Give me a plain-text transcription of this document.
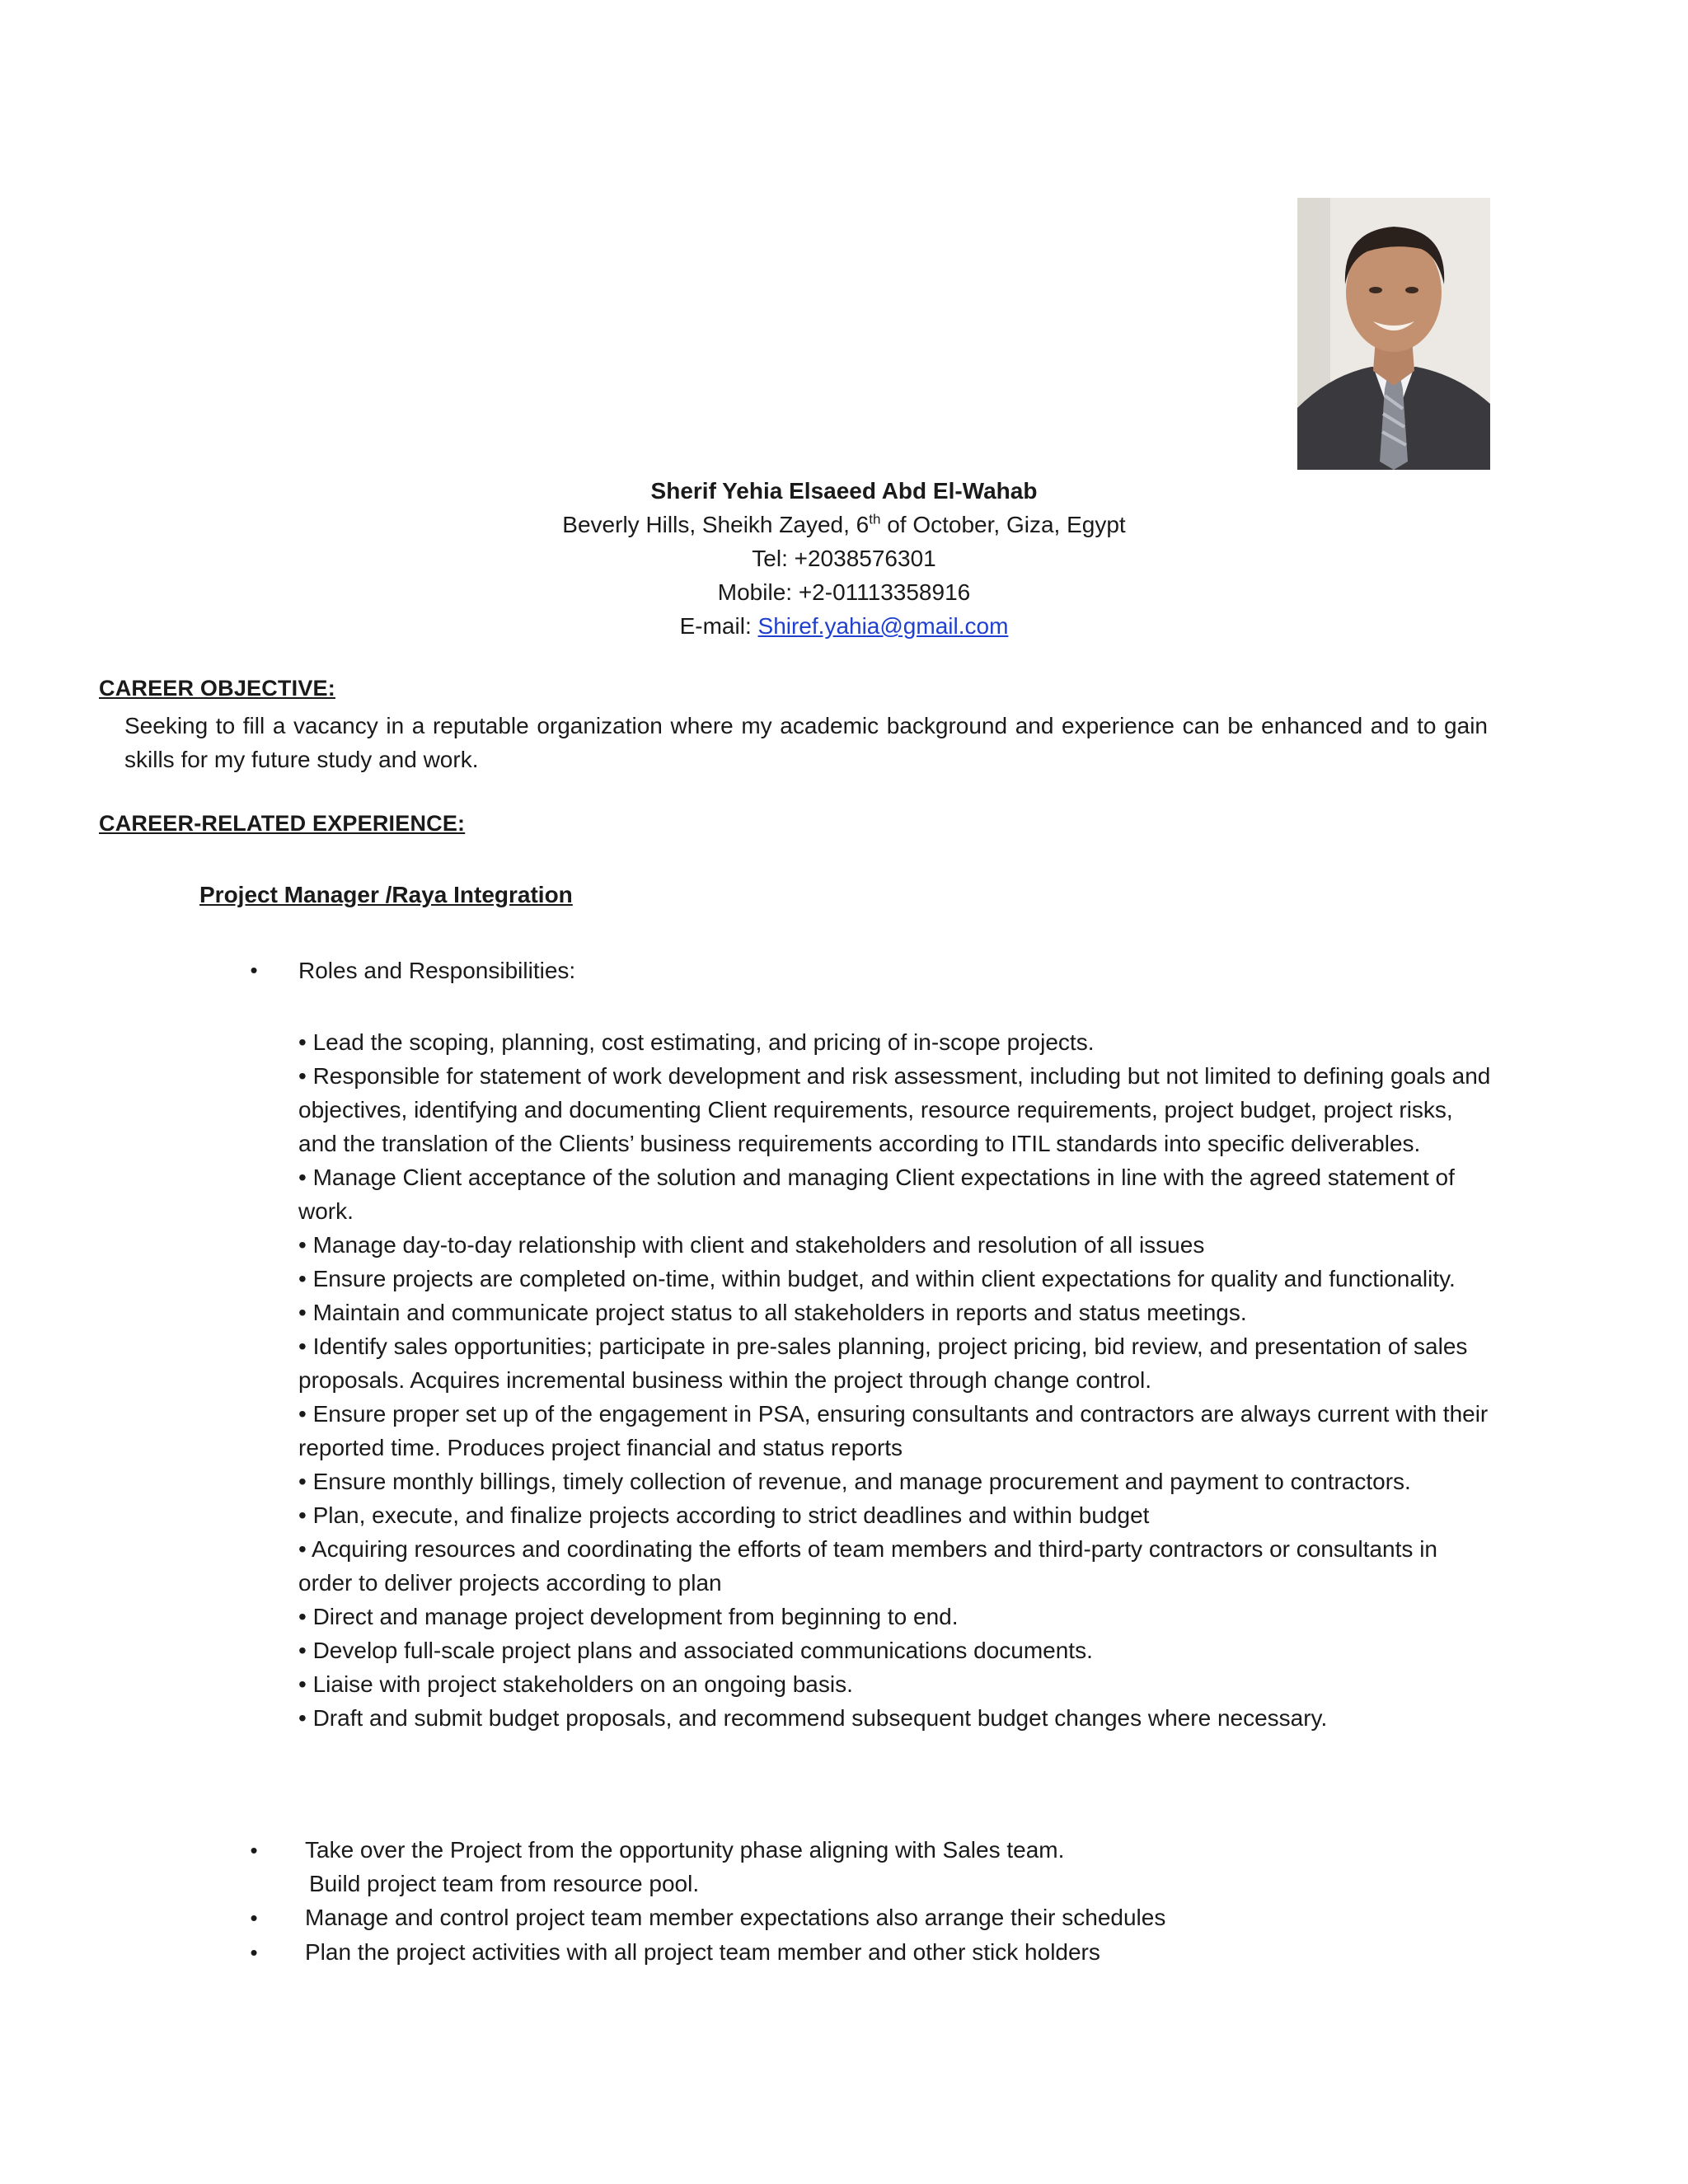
Sherif Yehia Elsaeed Abd El-Wahab
Beverly Hills, Sheikh Zayed, 6th of October, Giza, Egypt
Tel: +2038576301
Mobile: +2-01113358916
E-mail: Shiref.yahia@gmail.com
CAREER OBJECTIVE:
Seeking to fill a vacancy in a reputable organization where my academic background and experience can be enhanced and to gain skills for my future study and work.
CAREER-RELATED EXPERIENCE:
Project Manager /Raya Integration
• Roles and Responsibilities:
• Lead the scoping, planning, cost estimating, and pricing of in-scope projects.
• Responsible for statement of work development and risk assessment, including but not limited to defining goals and objectives, identifying and documenting Client requirements, resource requirements, project budget, project risks, and the translation of the Clients’ business requirements according to ITIL standards into specific deliverables.
• Manage Client acceptance of the solution and managing Client expectations in line with the agreed statement of work.
• Manage day-to-day relationship with client and stakeholders and resolution of all issues
• Ensure projects are completed on-time, within budget, and within client expectations for quality and functionality.
• Maintain and communicate project status to all stakeholders in reports and status meetings.
• Identify sales opportunities; participate in pre-sales planning, project pricing, bid review, and presentation of sales proposals. Acquires incremental business within the project through change control.
• Ensure proper set up of the engagement in PSA, ensuring consultants and contractors are always current with their reported time. Produces project financial and status reports
• Ensure monthly billings, timely collection of revenue, and manage procurement and payment to contractors.
• Plan, execute, and finalize projects according to strict deadlines and within budget
• Acquiring resources and coordinating the efforts of team members and third-party contractors or consultants in order to deliver projects according to plan
• Direct and manage project development from beginning to end.
• Develop full-scale project plans and associated communications documents.
• Liaise with project stakeholders on an ongoing basis.
• Draft and submit budget proposals, and recommend subsequent budget changes where necessary.
• Take over the Project from the opportunity phase aligning with Sales team.
Build project team from resource pool.
• Manage and control project team member expectations also arrange their schedules
• Plan the project activities with all project team member and other stick holders
